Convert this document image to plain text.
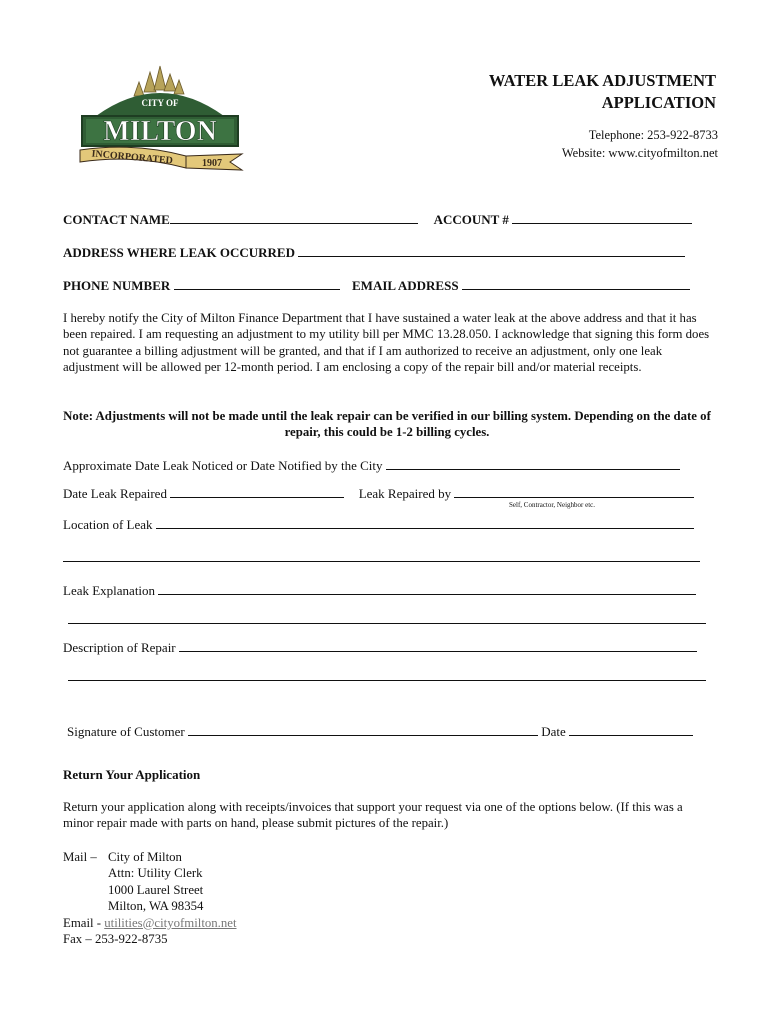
CITY OF
MILTON
INCORPORATED	1907
WATER LEAK ADJUSTMENT
APPLICATION
Telephone: 253-922-8733
Website: www.cityofmilton.net
CONTACT NAME	ACCOUNT #
ADDRESS WHERE LEAK OCCURRED
PHONE NUMBER	EMAIL ADDRESS
I hereby notify the City of Milton Finance Department that I have sustained a water leak at the above address and that it has been repaired. I am requesting an adjustment to my utility bill per MMC 13.28.050. I acknowledge that signing this form does not guarantee a billing adjustment will be granted, and that if I am authorized to receive an adjustment, only one leak adjustment will be allowed per 12-month period. I am enclosing a copy of the repair bill and/or material receipts.
Note: Adjustments will not be made until the leak repair can be verified in our billing system. Depending on the date of repair, this could be 1-2 billing cycles.
Approximate Date Leak Noticed or Date Notified by the City
Date Leak Repaired	Leak Repaired by
Self, Contractor, Neighbor etc.
Location of Leak
Leak Explanation
Description of Repair
Signature of Customer	Date
Return Your Application
Return your application along with receipts/invoices that support your request via one of the options below. (If this was a minor repair made with parts on hand, please submit pictures of the repair.)
Mail – City of Milton
Attn: Utility Clerk
1000 Laurel Street
Milton, WA 98354
Email - utilities@cityofmilton.net
Fax – 253-922-8735
